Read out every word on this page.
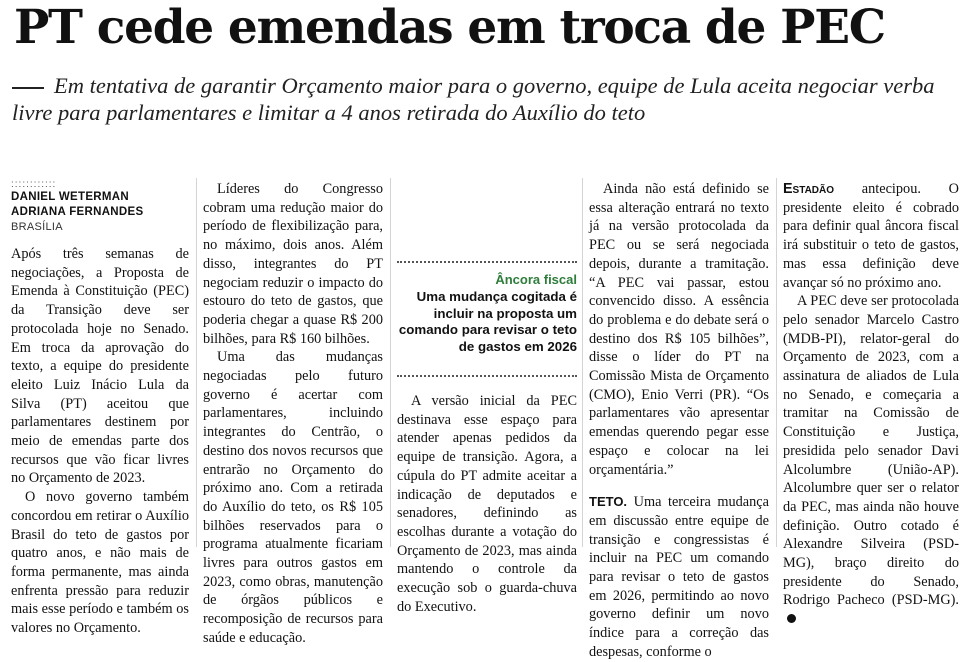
PT cede emendas em troca de PEC
Em tentativa de garantir Orçamento maior para o governo, equipe de Lula aceita negociar verba livre para parlamentares e limitar a 4 anos retirada do Auxílio do teto
::::::::::::
DANIEL WETERMAN
ADRIANA FERNANDES
BRASÍLIA

Após três semanas de negociações, a Proposta de Emenda à Constituição (PEC) da Transição deve ser protocolada hoje no Senado. Em troca da aprovação do texto, a equipe do presidente eleito Luiz Inácio Lula da Silva (PT) aceitou que parlamentares destinem por meio de emendas parte dos recursos que vão ficar livres no Orçamento de 2023.

O novo governo também concordou em retirar o Auxílio Brasil do teto de gastos por quatro anos, e não mais de forma permanente, mas ainda enfrenta pressão para reduzir mais esse período e também os valores no Orçamento.

Líderes do Congresso cobram uma redução maior do período de flexibilização para, no máximo, dois anos. Além disso, integrantes do PT negociam reduzir o impacto do estouro do teto de gastos, que poderia chegar a quase R$ 200 bilhões, para R$ 160 bilhões.

Uma das mudanças negociadas pelo futuro governo é acertar com parlamentares, incluindo integrantes do Centrão, o destino dos novos recursos que entrarão no Orçamento do próximo ano. Com a retirada do Auxílio do teto, os R$ 105 bilhões reservados para o programa atualmente ficariam livres para outros gastos em 2023, como obras, manutenção de órgãos públicos e recomposição de recursos para saúde e educação.

Âncora fiscal
Uma mudança cogitada é incluir na proposta um comando para revisar o teto de gastos em 2026

A versão inicial da PEC destinava esse espaço para atender apenas pedidos da equipe de transição. Agora, a cúpula do PT admite aceitar a indicação de deputados e senadores, definindo as escolhas durante a votação do Orçamento de 2023, mas ainda mantendo o controle da execução sob o guarda-chuva do Executivo.

Ainda não está definido se essa alteração entrará no texto já na versão protocolada da PEC ou se será negociada depois, durante a tramitação. “A PEC vai passar, estou convencido disso. A essência do problema e do debate será o destino dos R$ 105 bilhões”, disse o líder do PT na Comissão Mista de Orçamento (CMO), Enio Verri (PR). “Os parlamentares vão apresentar emendas querendo pegar esse espaço e colocar na lei orçamentária.”

TETO. Uma terceira mudança em discussão entre equipe de transição e congressistas é incluir na PEC um comando para revisar o teto de gastos em 2026, permitindo ao novo governo definir um novo índice para a correção das despesas, conforme o

Estadão antecipou. O presidente eleito é cobrado para definir qual âncora fiscal irá substituir o teto de gastos, mas essa definição deve avançar só no próximo ano.

A PEC deve ser protocolada pelo senador Marcelo Castro (MDB-PI), relator-geral do Orçamento de 2023, com a assinatura de aliados de Lula no Senado, e começaria a tramitar na Comissão de Constituição e Justiça, presidida pelo senador Davi Alcolumbre (União-AP). Alcolumbre quer ser o relator da PEC, mas ainda não houve definição. Outro cotado é Alexandre Silveira (PSD-MG), braço direito do presidente do Senado, Rodrigo Pacheco (PSD-MG).
